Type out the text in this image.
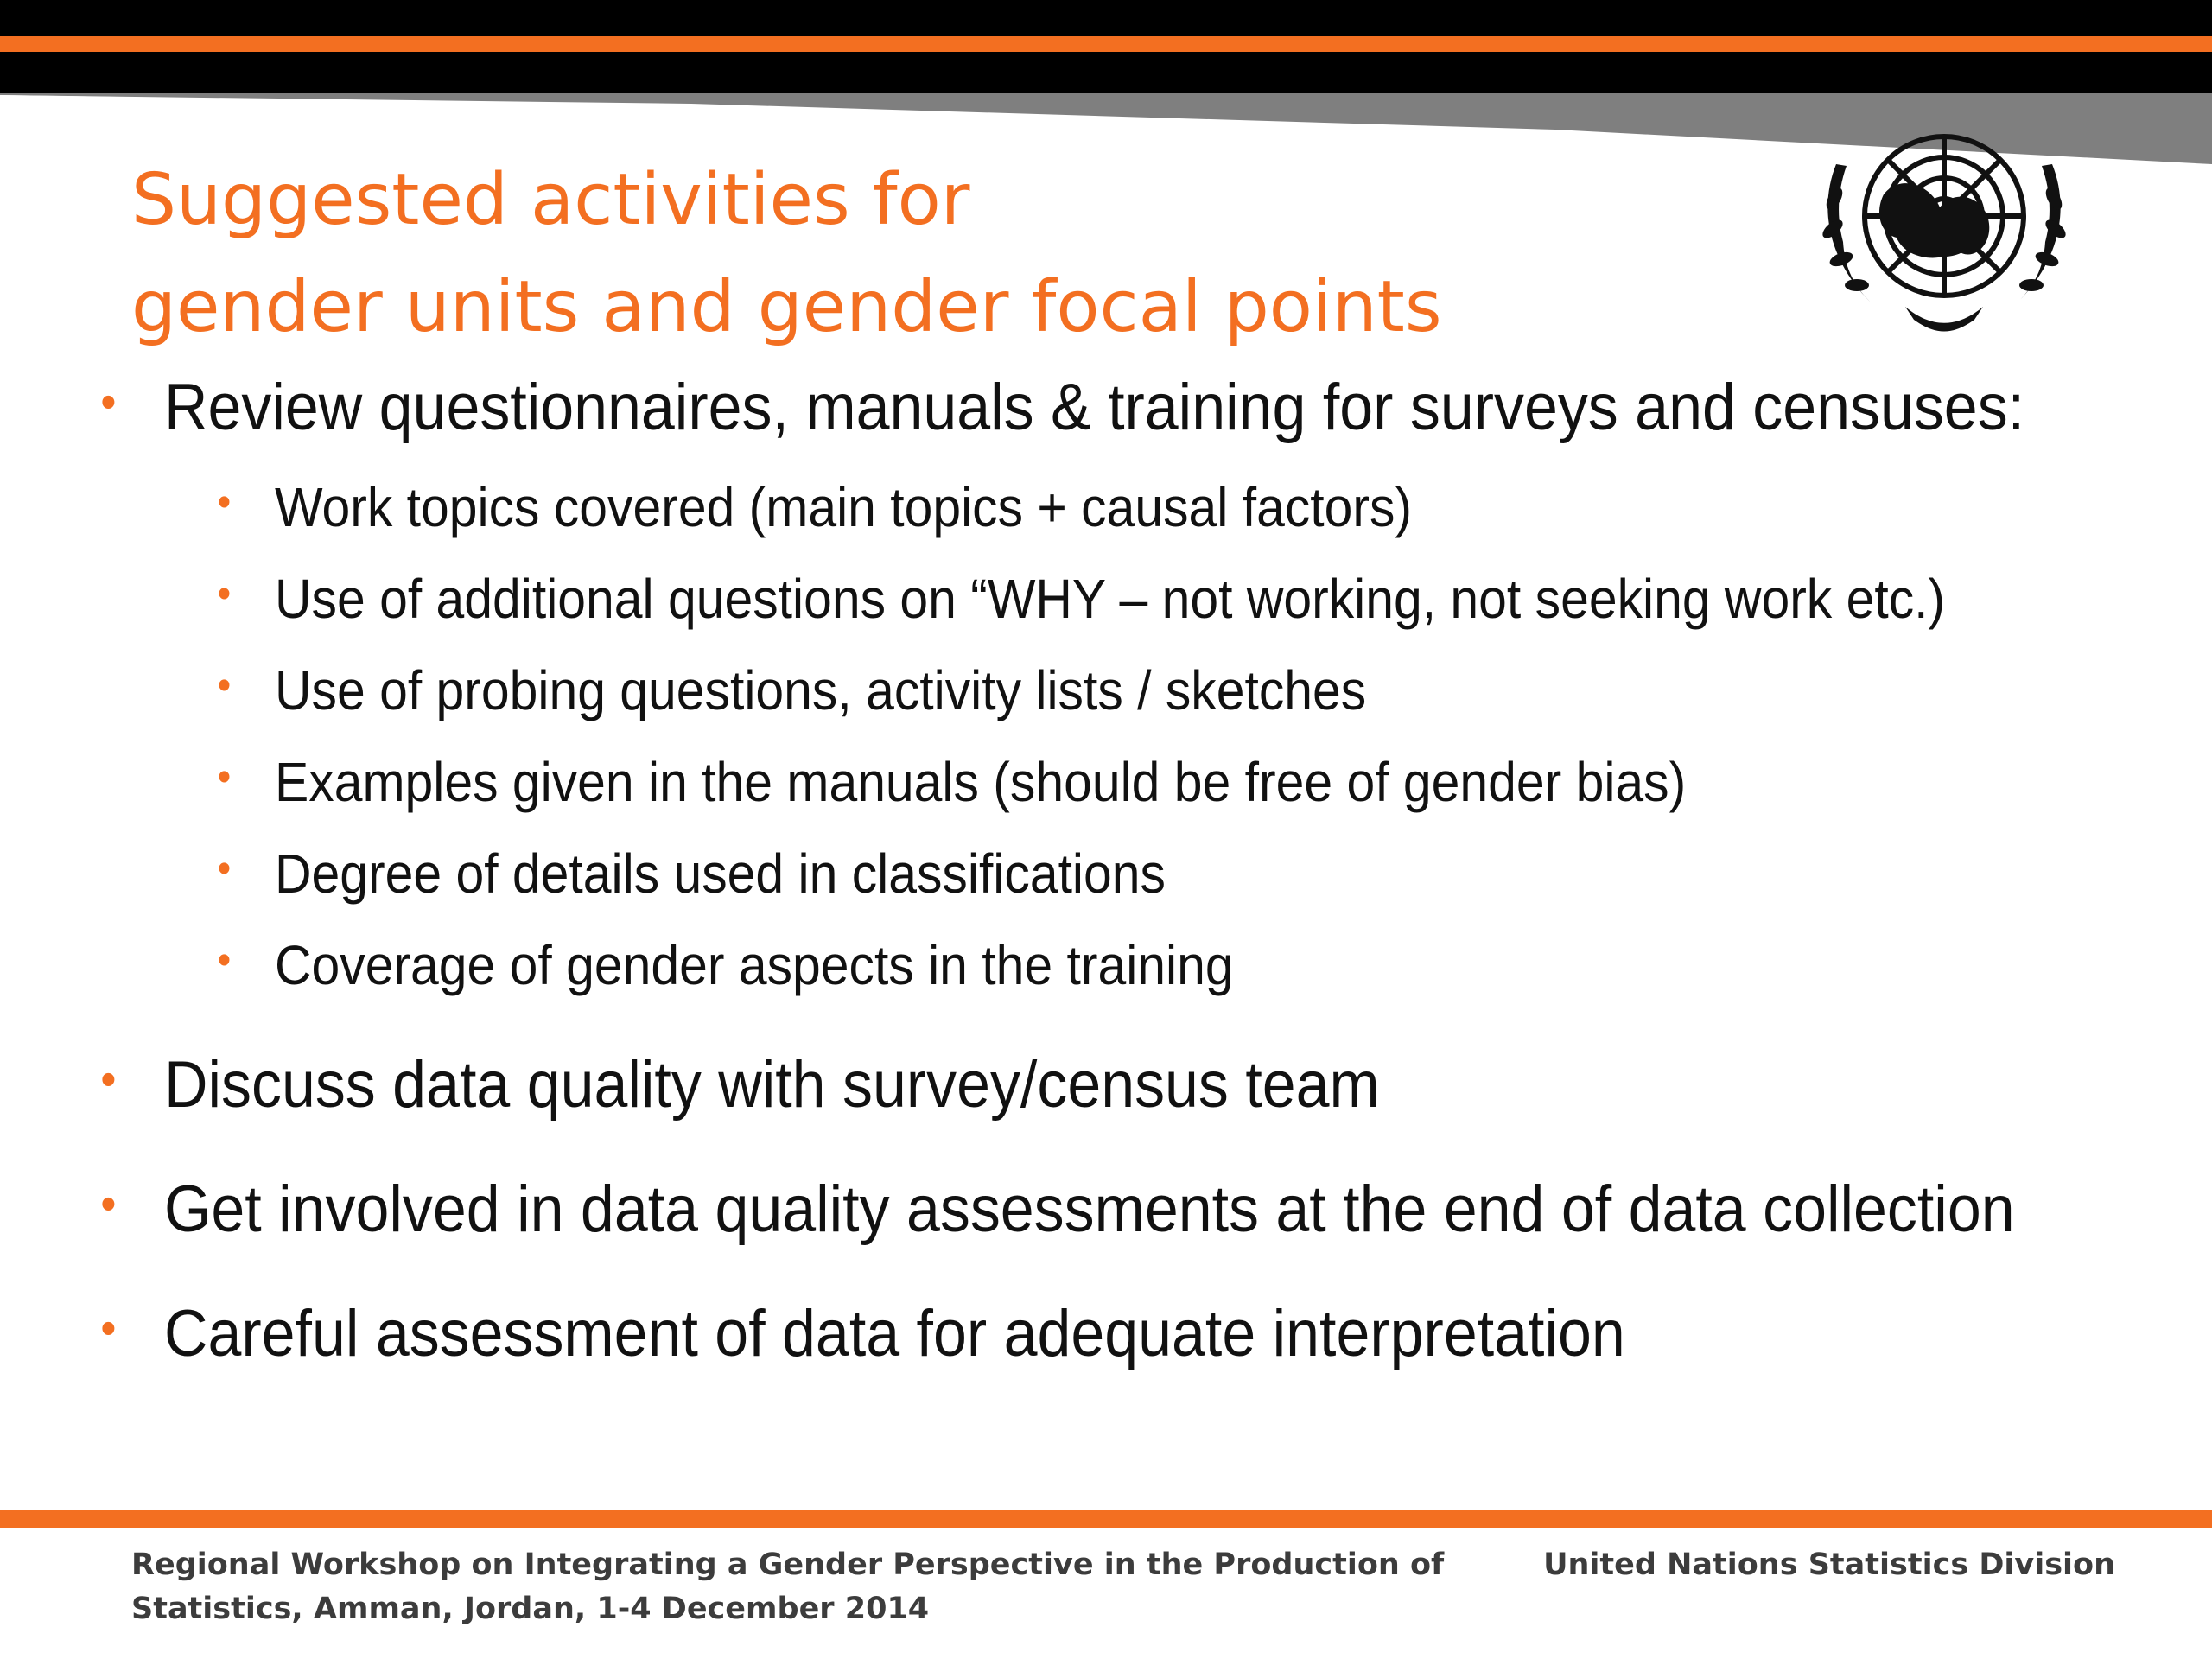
Suggested activities for
gender units and gender focal points
• Review questionnaires, manuals & training for surveys and censuses:
• Work topics covered (main topics + causal factors)
• Use of additional questions on “WHY – not working, not seeking work etc.)
• Use of probing questions, activity lists / sketches
• Examples given in the manuals (should be free of gender bias)
• Degree of details used in classifications
• Coverage of gender aspects in the training
• Discuss data quality with survey/census team
• Get involved in data quality assessments at the end of data collection
• Careful assessment of data for adequate interpretation
Regional Workshop on Integrating a Gender Perspective in the Production of
Statistics, Amman, Jordan, 1-4 December 2014
United Nations Statistics Division
